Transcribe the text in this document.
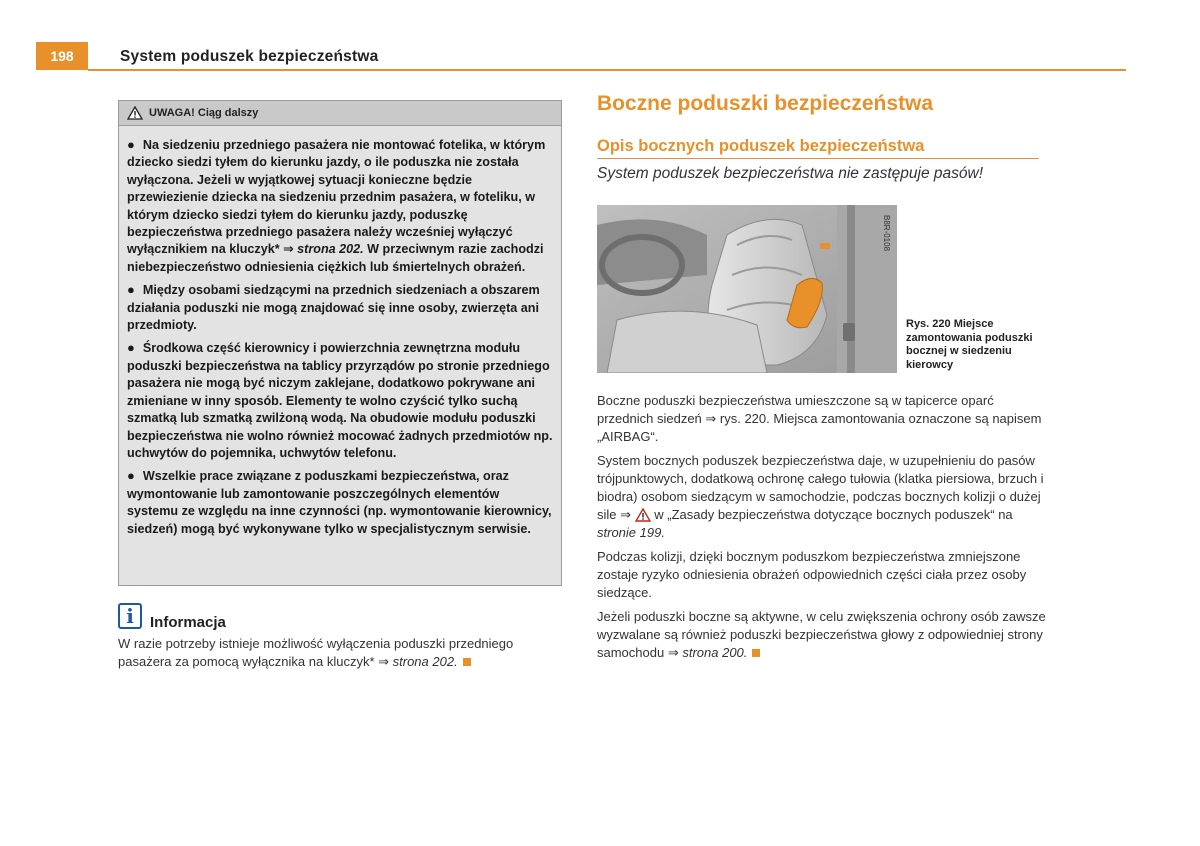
198	System poduszek bezpieczeństwa
UWAGA! Ciąg dalszy

● Na siedzeniu przedniego pasażera nie montować fotelika, w którym dziecko siedzi tyłem do kierunku jazdy, o ile poduszka nie została wyłączona. Jeżeli w wyjątkowej sytuacji konieczne będzie przewiezienie dziecka na siedzeniu przednim pasażera, w foteliku, w którym dziecko siedzi tyłem do kierunku jazdy, poduszkę bezpieczeństwa przedniego pasażera należy wcześniej wyłączyć wyłącznikiem na kluczyk* ⇒ strona 202. W przeciwnym razie zachodzi niebezpieczeństwo odniesienia ciężkich lub śmiertelnych obrażeń.

● Między osobami siedzącymi na przednich siedzeniach a obszarem działania poduszki nie mogą znajdować się inne osoby, zwierzęta ani przedmioty.

● Środkowa część kierownicy i powierzchnia zewnętrzna modułu poduszki bezpieczeństwa na tablicy przyrządów po stronie przedniego pasażera nie mogą być niczym zaklejane, dodatkowo pokrywane ani zmieniane w inny sposób. Elementy te wolno czyścić tylko suchą szmatką lub szmatką zwilżoną wodą. Na obudowie modułu poduszki bezpieczeństwa nie wolno również mocować żadnych przedmiotów np. uchwytów do pojemnika, uchwytów telefonu.

● Wszelkie prace związane z poduszkami bezpieczeństwa, oraz wymontowanie lub zamontowanie poszczególnych elementów systemu ze względu na inne czynności (np. wymontowanie kierownicy, siedzeń) mogą być wykonywane tylko w specjalistycznym serwisie.

i	Informacja
W razie potrzeby istnieje możliwość wyłączenia poduszki przedniego pasażera za pomocą wyłącznika na kluczyk* ⇒ strona 202.
Boczne poduszki bezpieczeństwa
Opis bocznych poduszek bezpieczeństwa
System poduszek bezpieczeństwa nie zastępuje pasów!
B8R-0108
Rys. 220 Miejsce zamontowania poduszki bocznej w siedzeniu kierowcy

Boczne poduszki bezpieczeństwa umieszczone są w tapicerce oparć przednich siedzeń ⇒ rys. 220. Miejsca zamontowania oznaczone są napisem „AIRBAG“.

System bocznych poduszek bezpieczeństwa daje, w uzupełnieniu do pasów trójpunktowych, dodatkową ochronę całego tułowia (klatka piersiowa, brzuch i biodra) osobom siedzącym w samochodzie, podczas bocznych kolizji o dużej sile ⇒  w „Zasady bezpieczeństwa dotyczące bocznych poduszek“ na stronie 199.

Podczas kolizji, dzięki bocznym poduszkom bezpieczeństwa zmniejszone zostaje ryzyko odniesienia obrażeń odpowiednich części ciała przez osoby siedzące.

Jeżeli poduszki boczne są aktywne, w celu zwiększenia ochrony osób zawsze wyzwalane są również poduszki bezpieczeństwa głowy z odpowiedniej strony samochodu ⇒ strona 200.
